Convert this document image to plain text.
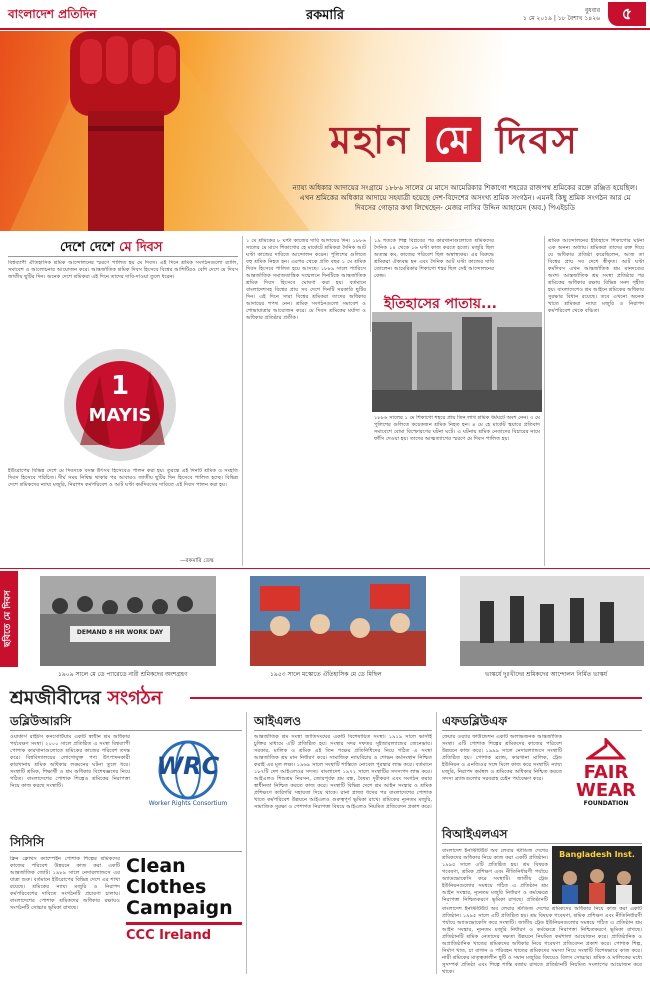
বাংলাদেশ প্রতিদিন	রকমারি	বুধবার
১ মে ২০১৯ | ১৮ বৈশাখ ১৪২৬	৫
মহান মে দিবস
ন্যায্য অধিকার আদায়ের সংগ্রামে ১৮৮৬ সালের মে মাসে আমেরিকার শিকাগো শহরের রাজপথ শ্রমিকের রক্তে রঞ্জিত হয়েছিল। এখন শ্রমিকের অধিকার আদায়ে সহযাত্রী হয়েছে দেশ-বিদেশের অসংখ্য শ্রমিক সংগঠন। এমনই কিছু শ্রমিক সংগঠন আর মে দিবসের গোড়ার কথা লিখেছেন- মেজর নাসির উদ্দিন আহামেদ (অব.) পিএইচডি
দেশে দেশে মে দিবস
বিশ্বব্যাপী ঐতিহাসিক শ্রমিক আন্দোলনের স্মরণে পালিত হয় মে দিবস। এই দিনে শ্রমিক সংগঠনগুলো র‌্যালি, সমাবেশ ও আলোচনার আয়োজন করে। আন্তর্জাতিক শ্রমিক দিবস হিসেবে বিশ্বের আশিটিরও বেশি দেশে মে দিবস জাতীয় ছুটির দিন। অনেক দেশে শ্রমিকরা এই দিনে তাদের দাবি-দাওয়া তুলে ধরেন।
1
MAYIS
ইউরোপের বিভিন্ন দেশে মে দিবসকে বসন্ত উৎসব হিসেবেও পালন করা হয়। তুরস্কে এই দিনটি শ্রমিক ও সংহতি দিবস হিসেবে পরিচিত। দীর্ঘ সময় নিষিদ্ধ থাকার পর আবারও জাতীয় ছুটির দিন হিসেবে পালিত হচ্ছে। বিভিন্ন দেশে শ্রমিকদের ন্যায্য মজুরি, নিরাপদ কর্মপরিবেশ ও আট ঘণ্টা কর্মদিবসের দাবিতে এই দিবস পালন করা হয়।
—রকমারি ডেস্ক
১ মে শ্রমিকের ৮ ঘণ্টা কাজের দাবি আদায়ের দিন। ১৮৮৬ সালের মে মাসে শিকাগোর হে মার্কেটে শ্রমিকরা দৈনিক আট ঘণ্টা কাজের দাবিতে আন্দোলন করেন। পুলিশের গুলিতে বহু শ্রমিক নিহত হন। এরপর থেকে প্রতি বছর ১ মে শ্রমিক দিবস হিসেবে পালিত হয়ে আসছে। ১৮৮৯ সালে প্যারিসে আন্তর্জাতিক সমাজতান্ত্রিক সম্মেলনে দিনটিকে আন্তর্জাতিক শ্রমিক দিবস হিসেবে ঘোষণা করা হয়। বর্তমানে বাংলাদেশসহ বিশ্বের প্রায় সব দেশে দিনটি সরকারি ছুটির দিন। এই দিনে সারা বিশ্বের শ্রমিকরা তাদের অধিকার আদায়ের শপথ নেন। শ্রমিক সংগঠনগুলো সমাবেশ ও শোভাযাত্রার আয়োজন করে। মে দিবস শ্রমিকের মর্যাদা ও অধিকার প্রতিষ্ঠার প্রতীক।
১৯ শতকে শিল্প বিপ্লবের পর কারখানাগুলোতে শ্রমিকদের দৈনিক ১৪ থেকে ১৬ ঘণ্টা কাজ করতে হতো। মজুরি ছিল অত্যন্ত কম, কাজের পরিবেশ ছিল অস্বাস্থ্যকর। এর বিরুদ্ধে শ্রমিকরা ঐক্যবদ্ধ হন এবং দৈনিক আট ঘণ্টা কাজের দাবি তোলেন। আমেরিকার শিকাগো শহর ছিল সেই আন্দোলনের কেন্দ্র।
ইতিহাসের পাতায়...
১৮৮৬ সালের ১ মে শিকাগো শহরে প্রায় তিন লাখ শ্রমিক ধর্মঘটে অংশ নেন। ৩ মে পুলিশের গুলিতে কয়েকজন শ্রমিক নিহত হন। ৪ মে হে মার্কেট স্কয়ারে প্রতিবাদ সমাবেশে বোমা বিস্ফোরণের ঘটনা ঘটে। এ ঘটনায় শ্রমিক নেতাদের বিচারের নামে ফাঁসি দেওয়া হয়। তাদের আত্মত্যাগের স্মরণে মে দিবস পালিত হয়।
শ্রমিক আন্দোলনের ইতিহাসে শিকাগোর ঘটনা এক অনন্য অধ্যায়। শ্রমিকরা তাদের রক্ত দিয়ে যে অধিকার প্রতিষ্ঠা করেছিলেন, আজ তা বিশ্বের প্রায় সব দেশে স্বীকৃত। আট ঘণ্টা কর্মদিবস এখন আন্তর্জাতিক শ্রম মানদণ্ডের অংশ। আন্তর্জাতিক শ্রম সংস্থা প্রতিষ্ঠার পর শ্রমিকের অধিকার রক্ষায় বিভিন্ন সনদ গৃহীত হয়। বাংলাদেশেও শ্রম আইনে শ্রমিকের অধিকার সুরক্ষার বিধান রয়েছে। তবে এখনো অনেক খাতে শ্রমিকরা ন্যায্য মজুরি ও নিরাপদ কর্মপরিবেশ থেকে বঞ্চিত।
ছবিতে মে দিবস	DEMAND 8 HR WORK DAY
১৯০৯ সালে মে ডে প্যারেডে নারী শ্রমিকদের অংশগ্রহণ	১৯৫৩ সালে মস্কোতে ঐতিহাসিক মে ডে মিছিল	ভাস্কর্যে দুঃখীদের শ্রমিকদের আন্দোলন নির্মিত ভাস্কর্য
শ্রমজীবীদের সংগঠন
ডব্লিউআরসি
ওয়ার্কার্স রাইটস কনসোর্টিয়াম একটি স্বাধীন শ্রম অধিকার পর্যবেক্ষণ সংস্থা। ২০০০ সালে প্রতিষ্ঠিত এ সংস্থা বিশ্বব্যাপী পোশাক কারখানাগুলোতে শ্রমিকের কাজের পরিবেশ তদন্ত করে। বিশ্ববিদ্যালয়ের লোগোযুক্ত পণ্য উৎপাদনকারী কারখানায় শ্রমিক অধিকার লঙ্ঘনের ঘটনা তুলে ধরে। সংস্থাটি শ্রমিক, শিক্ষার্থী ও শ্রম অধিকার বিশেষজ্ঞদের নিয়ে গঠিত। বাংলাদেশের পোশাক শিল্পেও শ্রমিকের নিরাপত্তা নিয়ে কাজ করছে সংস্থাটি।
WRC
Worker Rights Consortium
সিসিসি
ক্লিন ক্লোথস ক্যাম্পেইন পোশাক শিল্পের শ্রমিকদের কাজের পরিবেশ উন্নয়নে কাজ করা একটি আন্তর্জাতিক জোট। ১৯৮৯ সালে নেদারল্যান্ডসে এর যাত্রা শুরু। বর্তমানে ইউরোপের বিভিন্ন দেশে এর শাখা রয়েছে। শ্রমিকের ন্যায্য মজুরি ও নিরাপদ কর্মপরিবেশের দাবিতে সংগঠনটি প্রচারণা চালায়। বাংলাদেশের পোশাক শ্রমিকদের অধিকার রক্ষায়ও সংগঠনটি সোচ্চার ভূমিকা রাখছে।
Clean
Clothes
Campaign
CCC Ireland
আইএলও
আন্তর্জাতিক শ্রম সংস্থা জাতিসংঘের একটি বিশেষায়িত সংস্থা। ১৯১৯ সালে ভার্সাই চুক্তির মাধ্যমে এটি প্রতিষ্ঠিত হয়। সংস্থার সদর দফতর সুইজারল্যান্ডের জেনেভায়। সরকার, মালিক ও শ্রমিক এই তিন পক্ষের প্রতিনিধিদের নিয়ে গঠিত এ সংস্থা আন্তর্জাতিক শ্রম মান নির্ধারণ করে। সামাজিক ন্যায়বিচার ও শোভন কর্মসংস্থান নিশ্চিত করাই এর মূল লক্ষ্য। ১৯৬৯ সালে সংস্থাটি শান্তিতে নোবেল পুরস্কার লাভ করে। বর্তমানে ১৮৭টি দেশ আইএলওর সদস্য। বাংলাদেশ ১৯৭২ সালে সংস্থাটির সদস্যপদ লাভ করে। আইএলও শিশুশ্রম নিরসন, জোরপূর্বক শ্রম বন্ধ, বৈষম্য দূরীকরণ এবং সংগঠন করার স্বাধীনতা নিশ্চিত করতে কাজ করে। সংস্থাটি বিভিন্ন দেশে শ্রম আইন সংস্কার ও শ্রমিক প্রশিক্ষণে কারিগরি সহায়তা দিয়ে থাকে। রানা প্লাজা ধসের পর বাংলাদেশের পোশাক খাতে কর্মপরিবেশ উন্নয়নে আইএলও গুরুত্বপূর্ণ ভূমিকা রাখে। শ্রমিকের ন্যূনতম মজুরি, সামাজিক সুরক্ষা ও পেশাগত নিরাপত্তা বিষয়ে আইএলও নিয়মিত প্রতিবেদন প্রকাশ করে।
এফডব্লিউএফ
ফেয়ার ওয়্যার ফাউন্ডেশন একটি অলাভজনক আন্তর্জাতিক সংস্থা। এটি পোশাক শিল্পের শ্রমিকদের কাজের পরিবেশ উন্নয়নে কাজ করে। ১৯৯৯ সালে নেদারল্যান্ডসে সংস্থাটি প্রতিষ্ঠিত হয়। পোশাক ব্র্যান্ড, কারখানা মালিক, ট্রেড ইউনিয়ন ও এনজিওর সঙ্গে মিলে কাজ করে সংস্থাটি। ন্যায্য মজুরি, নিরাপদ কর্মস্থল ও শ্রমিকের অধিকার নিশ্চিত করতে সদস্য ব্র্যান্ডগুলোর সরবরাহ চেইন পর্যবেক্ষণ করে।	FAIR
WEAR
FOUNDATION
বিআইএলএস
Bangladesh Inst.
বাংলাদেশ ইনস্টিটিউট অব লেবার স্টাডিজ দেশের শ্রমিকদের অধিকার নিয়ে কাজ করা একটি প্রতিষ্ঠান। ১৯৯৫ সালে এটি প্রতিষ্ঠিত হয়। শ্রম বিষয়ক গবেষণা, শ্রমিক প্রশিক্ষণ এবং নীতিনির্ধারণী পর্যায়ে অ্যাডভোকেসি করে সংস্থাটি। জাতীয় ট্রেড ইউনিয়নগুলোর সমন্বয়ে গঠিত এ প্রতিষ্ঠান শ্রম আইন সংস্কার, ন্যূনতম মজুরি নির্ধারণ ও কর্মক্ষেত্রে নিরাপত্তা নিশ্চিতকরণে ভূমিকা রাখছে। প্রতিষ্ঠানটি
বাংলাদেশ ইনস্টিটিউট অব লেবার স্টাডিজ দেশের শ্রমিকদের অধিকার নিয়ে কাজ করা একটি প্রতিষ্ঠান। ১৯৯৫ সালে এটি প্রতিষ্ঠিত হয়। শ্রম বিষয়ক গবেষণা, শ্রমিক প্রশিক্ষণ এবং নীতিনির্ধারণী পর্যায়ে অ্যাডভোকেসি করে সংস্থাটি। জাতীয় ট্রেড ইউনিয়নগুলোর সমন্বয়ে গঠিত এ প্রতিষ্ঠান শ্রম আইন সংস্কার, ন্যূনতম মজুরি নির্ধারণ ও কর্মক্ষেত্রে নিরাপত্তা নিশ্চিতকরণে ভূমিকা রাখছে। প্রতিষ্ঠানটি শ্রমিক নেতাদের দক্ষতা উন্নয়নে নিয়মিত কর্মশালা আয়োজন করে। প্রাতিষ্ঠানিক ও অপ্রাতিষ্ঠানিক খাতের শ্রমিকদের অধিকার নিয়ে গবেষণা প্রতিবেদন প্রকাশ করে। পোশাক শিল্প, নির্মাণ খাত, চা বাগান ও পরিবহন খাতের শ্রমিকদের সমস্যা নিয়ে সংস্থাটি বিশেষভাবে কাজ করে। নারী শ্রমিকের মাতৃত্বকালীন ছুটি ও সমান মজুরির বিষয়েও বিলস সোচ্চার। শ্রমিক ও মালিকের মধ্যে সুসম্পর্ক প্রতিষ্ঠা এবং শিল্পে শান্তি বজায় রাখতে প্রতিষ্ঠানটি নিয়মিত সংলাপের আয়োজন করে থাকে।
